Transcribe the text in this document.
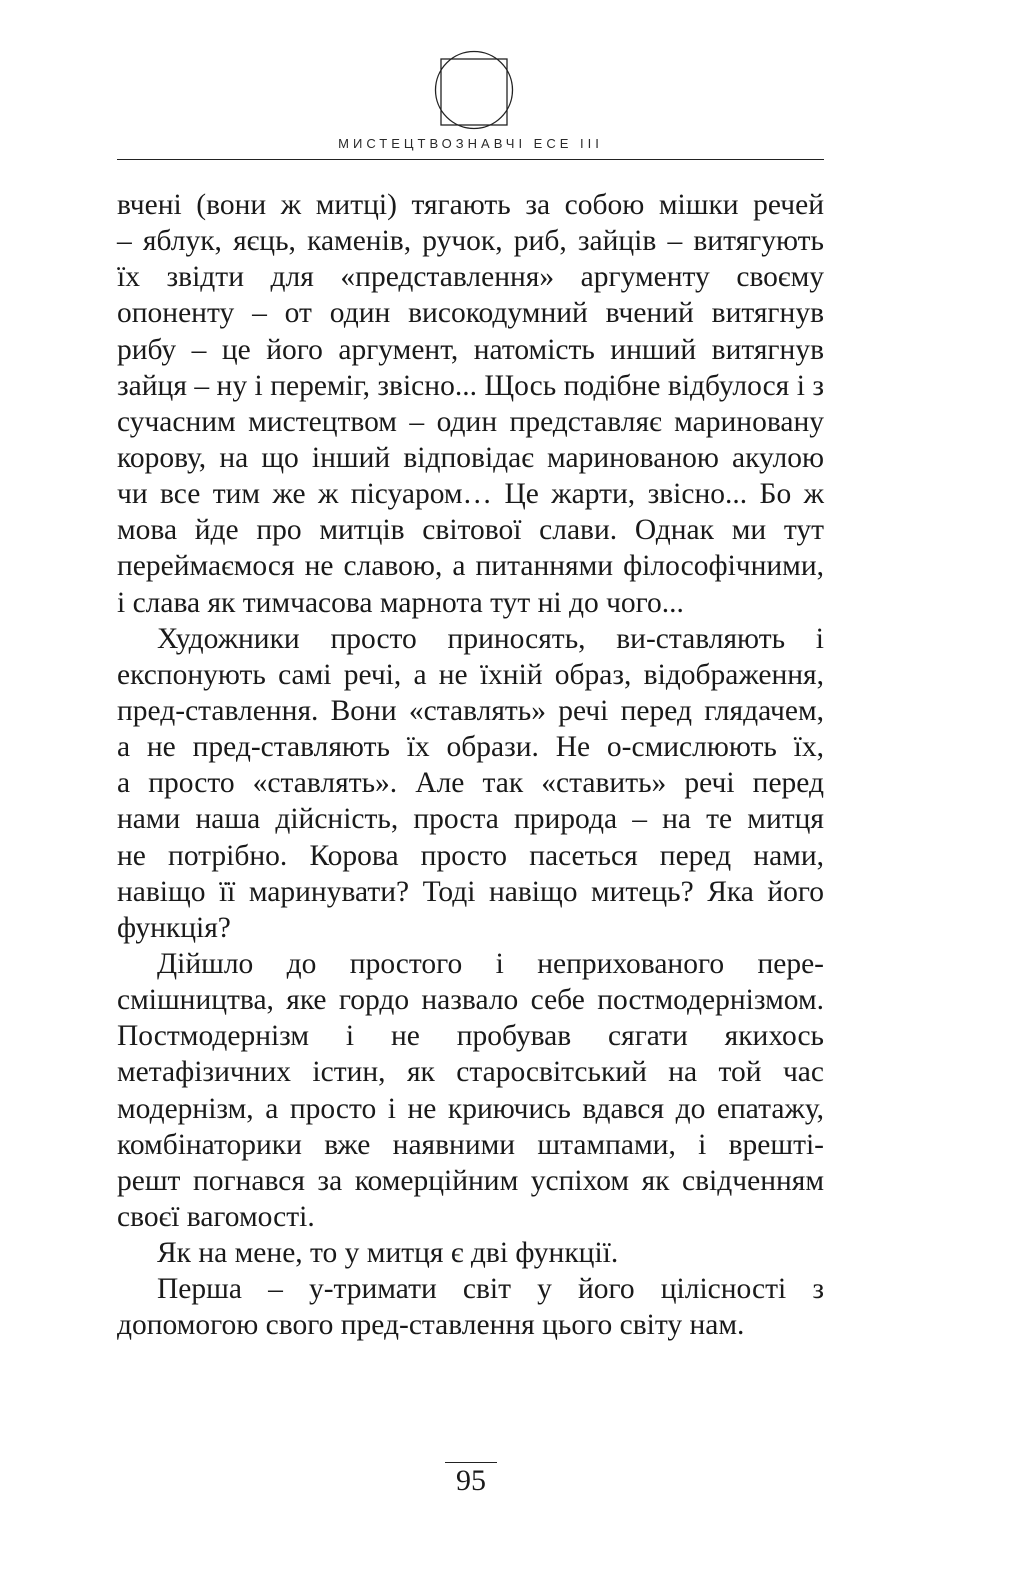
МИСТЕЦТВОЗНАВЧІ ЕСЕ III
вчені (вони ж митці) тягають за собою мішки речей
– яблук, яєць, каменів, ручок, риб, зайців – витягують
їх звідти для «представлення» аргументу своєму
опоненту – от один високодумний вчений витягнув
рибу – це його аргумент, натомість инший витягнув
зайця – ну і переміг, звісно... Щось подібне відбулося і з
сучасним мистецтвом – один представляє мариновану
корову, на що інший відповідає маринованою акулою
чи все тим же ж пісуаром… Це жарти, звісно... Бо ж
мова йде про митців світової слави. Однак ми тут
переймаємося не славою, а питаннями філософічними,
і слава як тимчасова марнота тут ні до чого...
Художники просто приносять, ви-ставляють і
експонують самі речі, а не їхній образ, відображення,
пред-ставлення. Вони «ставлять» речі перед глядачем,
а не пред-ставляють їх образи. Не о-смислюють їх,
а просто «ставлять». Але так «ставить» речі перед
нами наша дійсність, проста природа – на те митця
не потрібно. Корова просто пасеться перед нами,
навіщо її маринувати? Тоді навіщо митець? Яка його
функція?
Дійшло до простого і неприхованого пере-
смішництва, яке гордо назвало себе постмодернізмом.
Постмодернізм і не пробував сягати якихось
метафізичних істин, як старосвітський на той час
модернізм, а просто і не криючись вдався до епатажу,
комбінаторики вже наявними штампами, і врешті-
решт погнався за комерційним успіхом як свідченням
своєї вагомості.
Як на мене, то у митця є дві функції.
Перша – у-тримати світ у його цілісності з
допомогою свого пред-ставлення цього світу нам.
95
